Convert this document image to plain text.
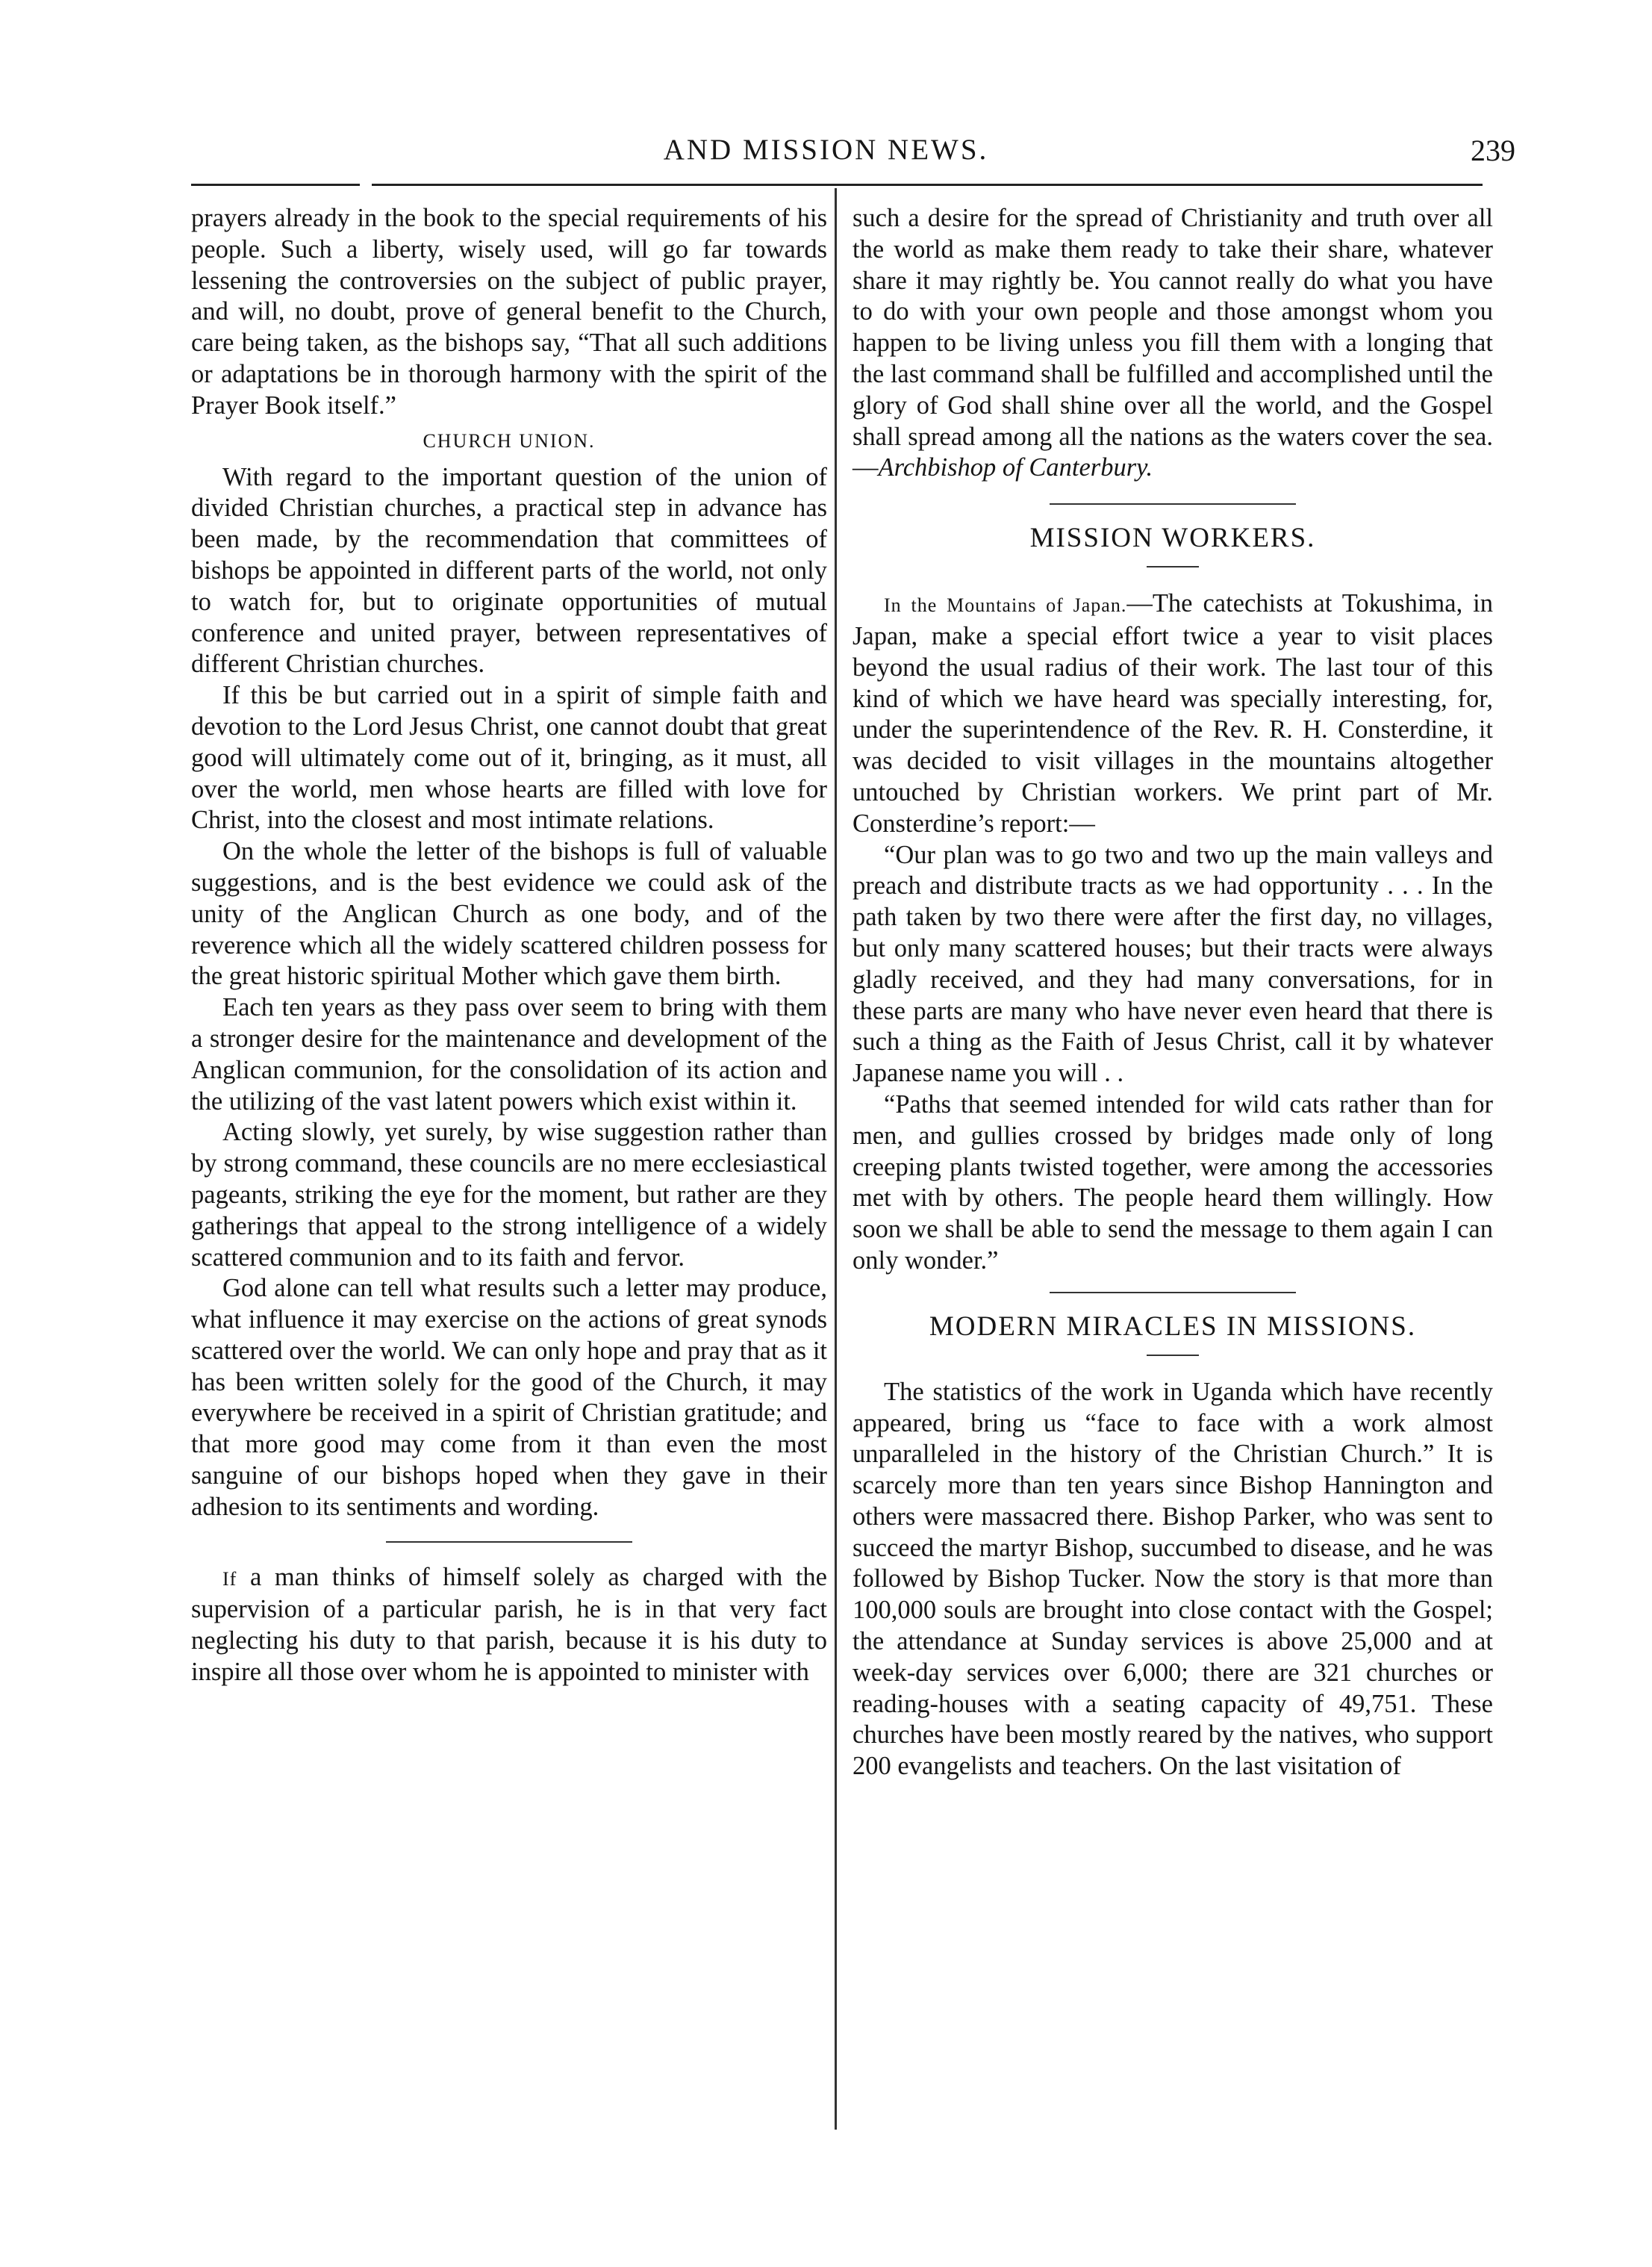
AND MISSION NEWS.	239

prayers already in the book to the special requirements of his people. Such a liberty, wisely used, will go far towards lessening the controversies on the subject of public prayer, and will, no doubt, prove of general benefit to the Church, care being taken, as the bishops say, “That all such additions or adaptations be in thorough harmony with the spirit of the Prayer Book itself.”

CHURCH UNION.

With regard to the important question of the union of divided Christian churches, a practical step in advance has been made, by the recommendation that committees of bishops be appointed in different parts of the world, not only to watch for, but to originate opportunities of mutual conference and united prayer, between representatives of different Christian churches.

If this be but carried out in a spirit of simple faith and devotion to the Lord Jesus Christ, one cannot doubt that great good will ultimately come out of it, bringing, as it must, all over the world, men whose hearts are filled with love for Christ, into the closest and most intimate relations.

On the whole the letter of the bishops is full of valuable suggestions, and is the best evidence we could ask of the unity of the Anglican Church as one body, and of the reverence which all the widely scattered children possess for the great historic spiritual Mother which gave them birth.

Each ten years as they pass over seem to bring with them a stronger desire for the maintenance and development of the Anglican communion, for the consolidation of its action and the utilizing of the vast latent powers which exist within it.

Acting slowly, yet surely, by wise suggestion rather than by strong command, these councils are no mere ecclesiastical pageants, striking the eye for the moment, but rather are they gatherings that appeal to the strong intelligence of a widely scattered communion and to its faith and fervor.

God alone can tell what results such a letter may produce, what influence it may exercise on the actions of great synods scattered over the world. We can only hope and pray that as it has been written solely for the good of the Church, it may everywhere be received in a spirit of Christian gratitude; and that more good may come from it than even the most sanguine of our bishops hoped when they gave in their adhesion to its sentiments and wording.

If a man thinks of himself solely as charged with the supervision of a particular parish, he is in that very fact neglecting his duty to that parish, because it is his duty to inspire all those over whom he is appointed to minister with

such a desire for the spread of Christianity and truth over all the world as make them ready to take their share, whatever share it may rightly be. You cannot really do what you have to do with your own people and those amongst whom you happen to be living unless you fill them with a longing that the last command shall be fulfilled and accomplished until the glory of God shall shine over all the world, and the Gospel shall spread among all the nations as the waters cover the sea.—Archbishop of Canterbury.

MISSION WORKERS.

In the Mountains of Japan.—The catechists at Tokushima, in Japan, make a special effort twice a year to visit places beyond the usual radius of their work. The last tour of this kind of which we have heard was specially interesting, for, under the superintendence of the Rev. R. H. Consterdine, it was decided to visit villages in the mountains altogether untouched by Christian workers. We print part of Mr. Consterdine’s report:—

“Our plan was to go two and two up the main valleys and preach and distribute tracts as we had opportunity . . . In the path taken by two there were after the first day, no villages, but only many scattered houses; but their tracts were always gladly received, and they had many conversations, for in these parts are many who have never even heard that there is such a thing as the Faith of Jesus Christ, call it by whatever Japanese name you will . .

“Paths that seemed intended for wild cats rather than for men, and gullies crossed by bridges made only of long creeping plants twisted together, were among the accessories met with by others. The people heard them willingly. How soon we shall be able to send the message to them again I can only wonder.”

MODERN MIRACLES IN MISSIONS.

The statistics of the work in Uganda which have recently appeared, bring us “face to face with a work almost unparalleled in the history of the Christian Church.” It is scarcely more than ten years since Bishop Hannington and others were massacred there. Bishop Parker, who was sent to succeed the martyr Bishop, succumbed to disease, and he was followed by Bishop Tucker. Now the story is that more than 100,000 souls are brought into close contact with the Gospel; the attendance at Sunday services is above 25,000 and at week-day services over 6,000; there are 321 churches or reading-houses with a seating capacity of 49,751. These churches have been mostly reared by the natives, who support 200 evangelists and teachers. On the last visitation of
